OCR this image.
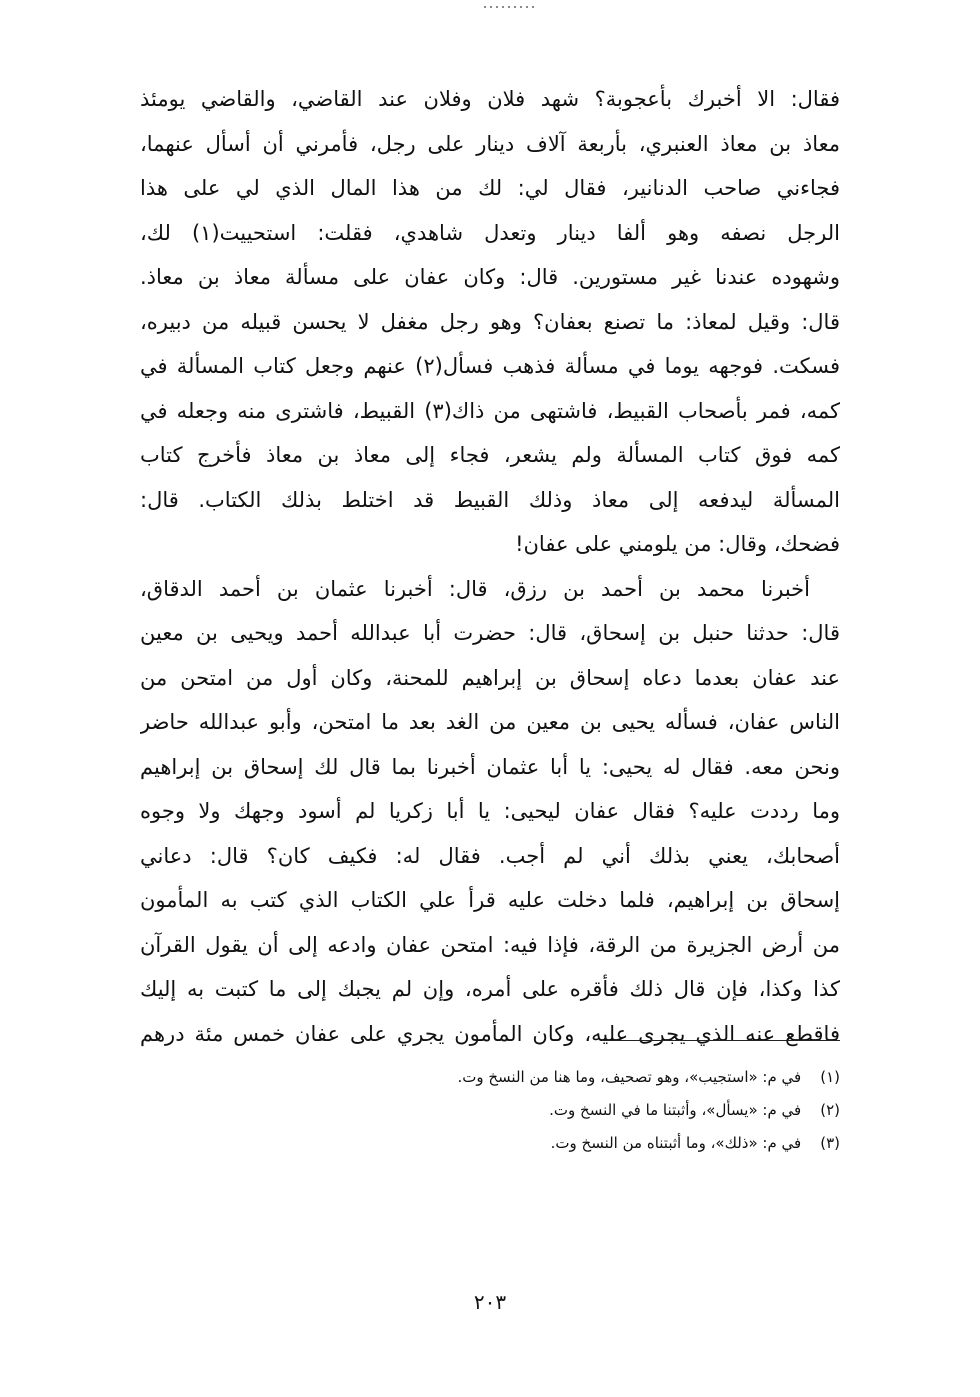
فقال: الا أخبرك بأعجوبة؟ شهد فلان وفلان عند القاضي، والقاضي يومئذ
معاذ بن معاذ العنبري، بأربعة آلاف دينار على رجل، فأمرني أن أسأل عنهما،
فجاءني صاحب الدنانير، فقال لي: لك من هذا المال الذي لي على هذا
الرجل نصفه وهو ألفا دينار وتعدل شاهدي، فقلت: استحييت(١) لك،
وشهوده عندنا غير مستورين. قال: وكان عفان على مسألة معاذ بن معاذ.
قال: وقيل لمعاذ: ما تصنع بعفان؟ وهو رجل مغفل لا يحسن قبيله من دبيره،
فسكت. فوجهه يوما في مسألة فذهب فسأل(٢) عنهم وجعل كتاب المسألة في
كمه، فمر بأصحاب القبيط، فاشتهى من ذاك(٣) القبيط، فاشترى منه وجعله في
كمه فوق كتاب المسألة ولم يشعر، فجاء إلى معاذ بن معاذ فأخرج كتاب
المسألة ليدفعه إلى معاذ وذلك القبيط قد اختلط بذلك الكتاب. قال:
فضحك، وقال: من يلومني على عفان!
أخبرنا محمد بن أحمد بن رزق، قال: أخبرنا عثمان بن أحمد الدقاق،
قال: حدثنا حنبل بن إسحاق، قال: حضرت أبا عبدالله أحمد ويحيى بن معين
عند عفان بعدما دعاه إسحاق بن إبراهيم للمحنة، وكان أول من امتحن من
الناس عفان، فسأله يحيى بن معين من الغد بعد ما امتحن، وأبو عبدالله حاضر
ونحن معه. فقال له يحيى: يا أبا عثمان أخبرنا بما قال لك إسحاق بن إبراهيم
وما رددت عليه؟ فقال عفان ليحيى: يا أبا زكريا لم أسود وجهك ولا وجوه
أصحابك، يعني بذلك أني لم أجب. فقال له: فكيف كان؟ قال: دعاني
إسحاق بن إبراهيم، فلما دخلت عليه قرأ علي الكتاب الذي كتب به المأمون
من أرض الجزيرة من الرقة، فإذا فيه: امتحن عفان وادعه إلى أن يقول القرآن
كذا وكذا، فإن قال ذلك فأقره على أمره، وإن لم يجبك إلى ما كتبت به إليك
فاقطع عنه الذي يجرى عليه، وكان المأمون يجري على عفان خمس مئة درهم
(١) في م: «استجيب»، وهو تصحيف، وما هنا من النسخ وت.
(٢) في م: «يسأل»، وأثبتنا ما في النسخ وت.
(٣) في م: «ذلك»، وما أثبتناه من النسخ وت.
٢٠٣
